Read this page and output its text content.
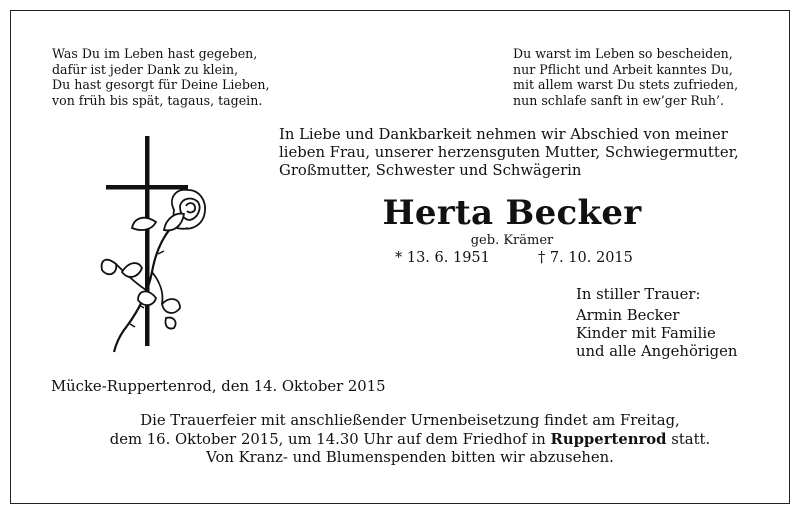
Was Du im Leben hast gegeben,
dafür ist jeder Dank zu klein,
Du hast gesorgt für Deine Lieben,
von früh bis spät, tagaus, tagein.
Du warst im Leben so bescheiden,
nur Pflicht und Arbeit kanntes Du,
mit allem warst Du stets zufrieden,
nun schlafe sanft in ew’ger Ruh’.
In Liebe und Dankbarkeit nehmen wir Abschied von meiner
lieben Frau, unserer herzensguten Mutter, Schwiegermutter,
Großmutter, Schwester und Schwägerin
Herta Becker
geb. Krämer
* 13. 6. 1951	† 7. 10. 2015
In stiller Trauer:
Armin Becker
Kinder mit Familie
und alle Angehörigen
Mücke-Ruppertenrod, den 14. Oktober 2015
Die Trauerfeier mit anschließender Urnenbeisetzung findet am Freitag,
dem 16. Oktober 2015, um 14.30 Uhr auf dem Friedhof in Ruppertenrod statt.
Von Kranz- und Blumenspenden bitten wir abzusehen.
